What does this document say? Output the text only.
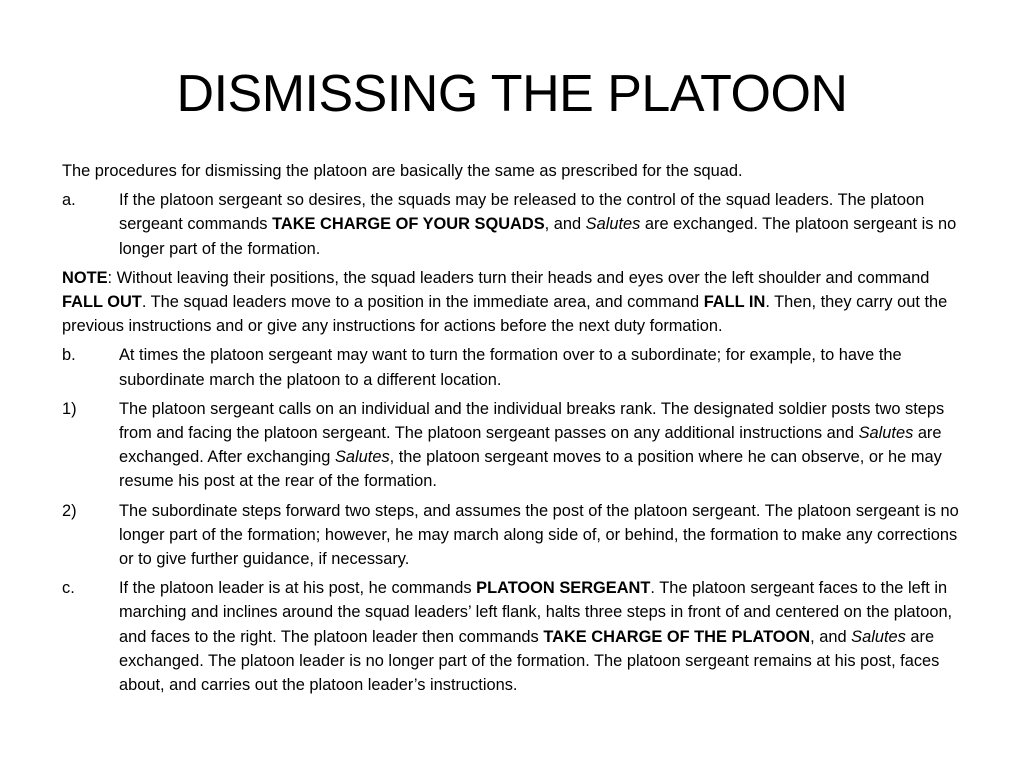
DISMISSING THE PLATOON

The procedures for dismissing the platoon are basically the same as prescribed for the squad.

a.	If the platoon sergeant so desires, the squads may be released to the control of the squad leaders. The platoon sergeant commands TAKE CHARGE OF YOUR SQUADS, and Salutes are exchanged. The platoon sergeant is no longer part of the formation.

NOTE: Without leaving their positions, the squad leaders turn their heads and eyes over the left shoulder and command FALL OUT. The squad leaders move to a position in the immediate area, and command FALL IN. Then, they carry out the previous instructions and or give any instructions for actions before the next duty formation.

b.	At times the platoon sergeant may want to turn the formation over to a subordinate; for example, to have the subordinate march the platoon to a different location.
1)	The platoon sergeant calls on an individual and the individual breaks rank. The designated soldier posts two steps from and facing the platoon sergeant. The platoon sergeant passes on any additional instructions and Salutes are exchanged. After exchanging Salutes, the platoon sergeant moves to a position where he can observe, or he may resume his post at the rear of the formation.
2)	The subordinate steps forward two steps, and assumes the post of the platoon sergeant. The platoon sergeant is no longer part of the formation; however, he may march along side of, or behind, the formation to make any corrections or to give further guidance, if necessary.
c.	If the platoon leader is at his post, he commands PLATOON SERGEANT. The platoon sergeant faces to the left in marching and inclines around the squad leaders’ left flank, halts three steps in front of and centered on the platoon, and faces to the right. The platoon leader then commands TAKE CHARGE OF THE PLATOON, and Salutes are exchanged. The platoon leader is no longer part of the formation. The platoon sergeant remains at his post, faces about, and carries out the platoon leader’s instructions.
